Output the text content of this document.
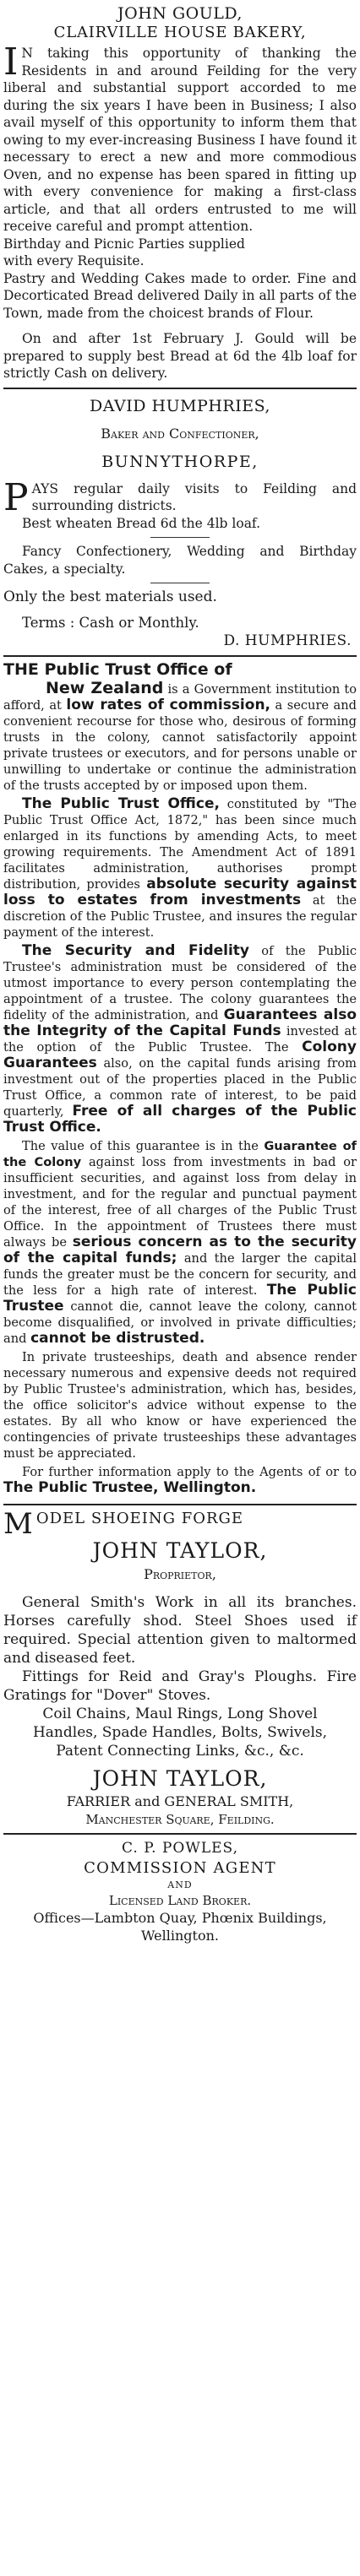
JOHN GOULD,
CLAIRVILLE HOUSE BAKERY,
I N taking this opportunity of thanking the Residents in and around Feilding for the very liberal and substantial support accorded to me during the six years I have been in Business; I also avail myself of this opportunity to inform them that owing to my ever-increasing Business I have found it necessary to erect a new and more commodious Oven, and no expense has been spared in fitting up with every convenience for making a first-class article, and that all orders entrusted to me will receive careful and prompt attention.
Birthday and Picnic Parties supplied
with every Requisite.
Pastry and Wedding Cakes made to order. Fine and Decorticated Bread delivered Daily in all parts of the Town, made from the choicest brands of Flour.
On and after 1st February J. Gould will be prepared to supply best Bread at 6d the 4lb loaf for strictly Cash on delivery.
DAVID HUMPHRIES,
Baker and Confectioner,
BUNNYTHORPE,
P AYS regular daily visits to Feilding and surrounding districts.
Best wheaten Bread 6d the 4lb loaf.
Fancy Confectionery, Wedding and Birthday Cakes, a specialty.
Only the best materials used.
Terms : Cash or Monthly.
D. HUMPHRIES.

THE Public Trust Office of
New Zealand is a Government institution to afford, at low rates of commission, a secure and convenient recourse for those who, desirous of forming trusts in the colony, cannot satisfactorily appoint private trustees or executors, and for persons unable or unwilling to undertake or continue the administration of the trusts accepted by or imposed upon them.

The Public Trust Office, constituted by "The Public Trust Office Act, 1872," has been since much enlarged in its functions by amending Acts, to meet growing requirements. The Amendment Act of 1891 facilitates administration, authorises prompt distribution, provides absolute security against loss to estates from investments at the discretion of the Public Trustee, and insures the regular payment of the interest.

The Security and Fidelity of the Public Trustee's administration must be considered of the utmost importance to every person contemplating the appointment of a trustee. The colony guarantees the fidelity of the administration, and Guarantees also the Integrity of the Capital Funds invested at the option of the Public Trustee. The Colony Guarantees also, on the capital funds arising from investment out of the properties placed in the Public Trust Office, a common rate of interest, to be paid quarterly, Free of all charges of the Public Trust Office.

The value of this guarantee is in the Guarantee of the Colony against loss from investments in bad or insufficient securities, and against loss from delay in investment, and for the regular and punctual payment of the interest, free of all charges of the Public Trust Office. In the appointment of Trustees there must always be serious concern as to the security of the capital funds; and the larger the capital funds the greater must be the concern for security, and the less for a high rate of interest. The Public Trustee cannot die, cannot leave the colony, cannot become disqualified, or involved in private difficulties; and cannot be distrusted.

In private trusteeships, death and absence render necessary numerous and expensive deeds not required by Public Trustee's administration, which has, besides, the office solicitor's advice without expense to the estates. By all who know or have experienced the contingencies of private trusteeships these advantages must be appreciated.

For further information apply to the Agents of or to The Public Trustee, Wellington.

M ODEL SHOEING FORGE
JOHN TAYLOR,
Proprietor,
General Smith's Work in all its branches. Horses carefully shod. Steel Shoes used if required. Special attention given to maltormed and diseased feet.
Fittings for Reid and Gray's Ploughs. Fire Gratings for "Dover" Stoves.
Coil Chains, Maul Rings, Long Shovel Handles, Spade Handles, Bolts, Swivels, Patent Connecting Links, &c., &c.
JOHN TAYLOR,
FARRIER and GENERAL SMITH,
Manchester Square, Feilding.
C. P. POWLES,
COMMISSION AGENT
AND
Licensed Land Broker.
Offices—Lambton Quay, Phœnix Buildings, Wellington.
